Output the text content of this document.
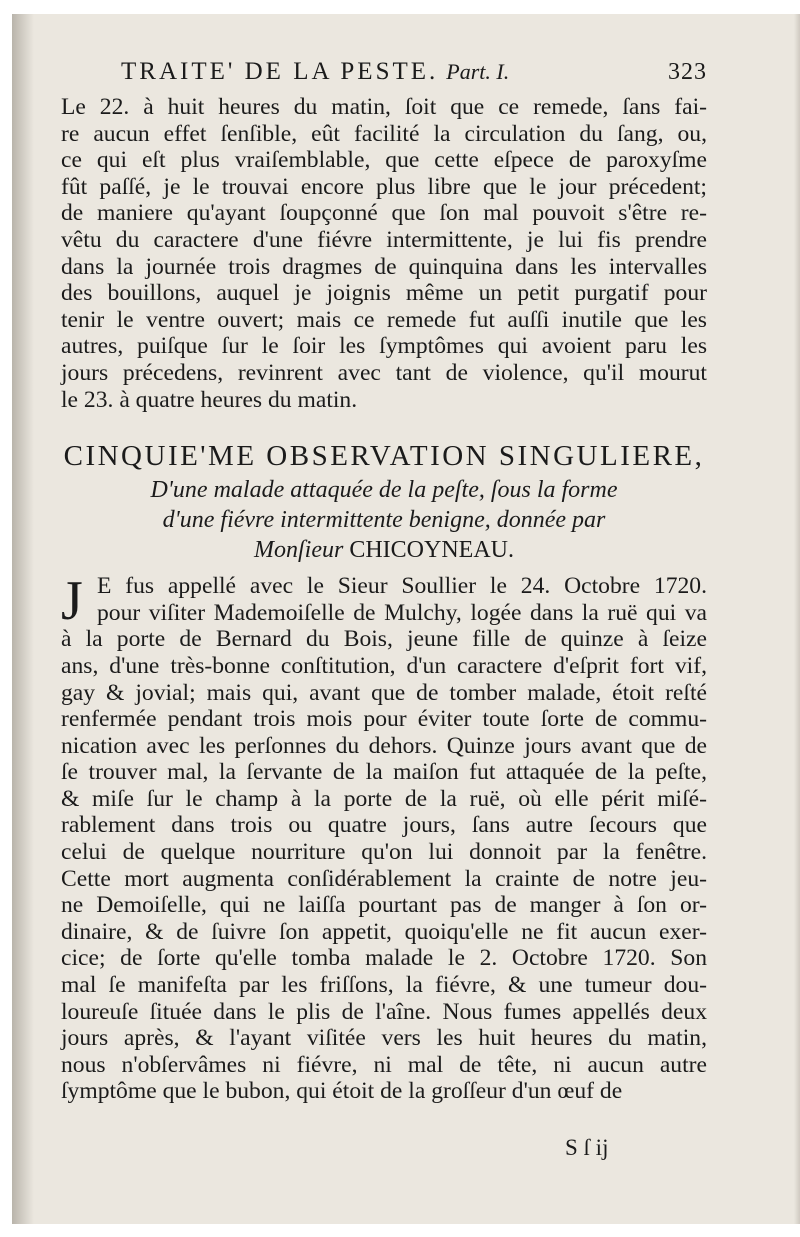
TRAITE' DE LA PESTE. Part. I.	323
Le 22. à huit heures du matin, ſoit que ce remede, ſans fai-
re aucun effet ſenſible, eût facilité la circulation du ſang, ou,
ce qui eſt plus vraiſemblable, que cette eſpece de paroxyſme
fût paſſé, je le trouvai encore plus libre que le jour précedent;
de maniere qu'ayant ſoupçonné que ſon mal pouvoit s'être re-
vêtu du caractere d'une fiévre intermittente, je lui fis prendre
dans la journée trois dragmes de quinquina dans les intervalles
des bouillons, auquel je joignis même un petit purgatif pour
tenir le ventre ouvert; mais ce remede fut auſſi inutile que les
autres, puiſque ſur le ſoir les ſymptômes qui avoient paru les
jours précedens, revinrent avec tant de violence, qu'il mourut
le 23. à quatre heures du matin.
CINQUIE'ME OBSERVATION SINGULIERE,
D'une malade attaquée de la peſte, ſous la forme
d'une fiévre intermittente benigne, donnée par
Monſieur CHICOYNEAU.
J E fus appellé avec le Sieur Soullier le 24. Octobre 1720.
pour viſiter Mademoiſelle de Mulchy, logée dans la ruë qui va
à la porte de Bernard du Bois, jeune fille de quinze à ſeize
ans, d'une très-bonne conſtitution, d'un caractere d'eſprit fort vif,
gay & jovial; mais qui, avant que de tomber malade, étoit reſté
renfermée pendant trois mois pour éviter toute ſorte de commu-
nication avec les perſonnes du dehors. Quinze jours avant que de
ſe trouver mal, la ſervante de la maiſon fut attaquée de la peſte,
& miſe ſur le champ à la porte de la ruë, où elle périt miſé-
rablement dans trois ou quatre jours, ſans autre ſecours que
celui de quelque nourriture qu'on lui donnoit par la fenêtre.
Cette mort augmenta conſidérablement la crainte de notre jeu-
ne Demoiſelle, qui ne laiſſa pourtant pas de manger à ſon or-
dinaire, & de ſuivre ſon appetit, quoiqu'elle ne fit aucun exer-
cice; de ſorte qu'elle tomba malade le 2. Octobre 1720. Son
mal ſe manifeſta par les friſſons, la fiévre, & une tumeur dou-
loureuſe ſituée dans le plis de l'aîne. Nous fumes appellés deux
jours après, & l'ayant viſitée vers les huit heures du matin,
nous n'obſervâmes ni fiévre, ni mal de tête, ni aucun autre
ſymptôme que le bubon, qui étoit de la groſſeur d'un œuf de
S ſ ij
